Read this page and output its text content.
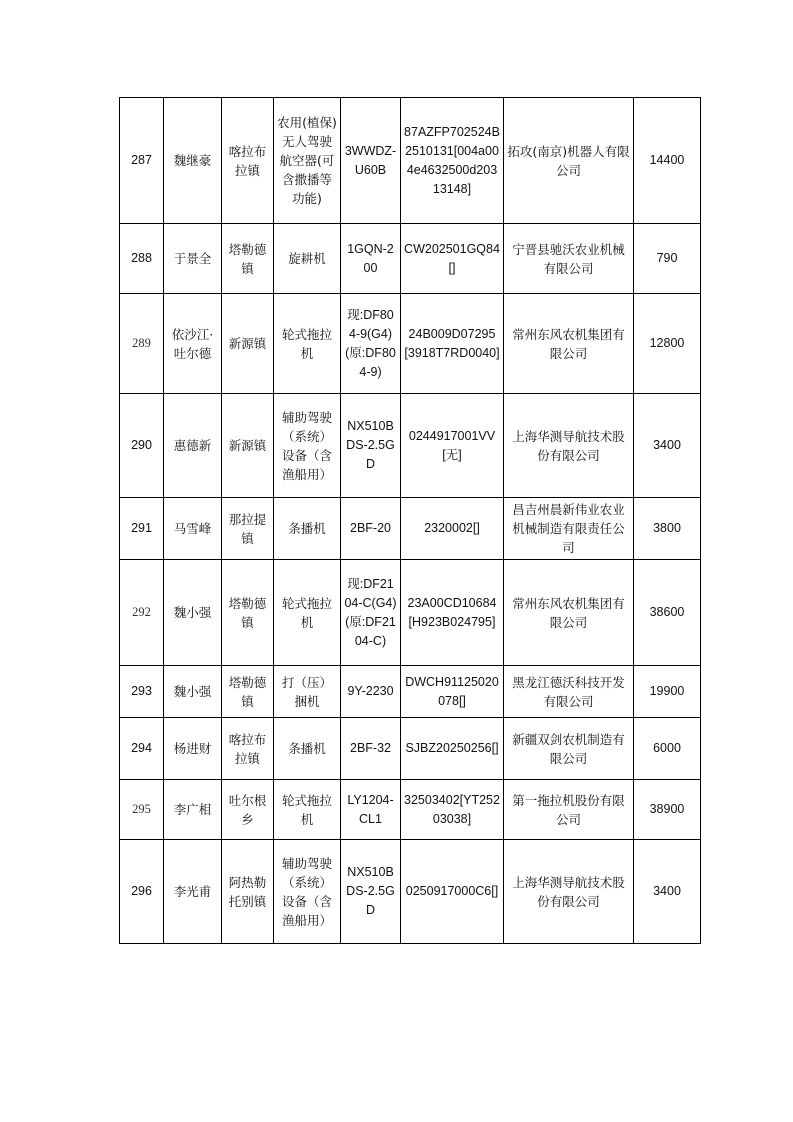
287	魏继豪	喀拉布拉镇	农用(植保)无人驾驶航空器(可含撒播等功能)	3WWDZ-U60B	87AZFP702524B2510131[004a004e4632500d20313148]	拓攻(南京)机器人有限公司	14400
288	于景全	塔勒德镇	旋耕机	1GQN-200	CW202501GQ84[]	宁晋县驰沃农业机械有限公司	790
289	依沙江·吐尔德	新源镇	轮式拖拉机	现:DF804-9(G4)(原:DF804-9)	24B009D07295[3918T7RD0040]	常州东风农机集团有限公司	12800
290	惠德新	新源镇	辅助驾驶（系统）设备（含渔船用）	NX510BDS-2.5GD	0244917001VV[无]	上海华测导航技术股份有限公司	3400
291	马雪峰	那拉提镇	条播机	2BF-20	2320002[]	昌吉州晨新伟业农业机械制造有限责任公司	3800
292	魏小强	塔勒德镇	轮式拖拉机	现:DF2104-C(G4)(原:DF2104-C)	23A00CD10684[H923B024795]	常州东风农机集团有限公司	38600
293	魏小强	塔勒德镇	打（压）捆机	9Y-2230	DWCH91125020078[]	黑龙江德沃科技开发有限公司	19900
294	杨进财	喀拉布拉镇	条播机	2BF-32	SJBZ20250256[]	新疆双剑农机制造有限公司	6000
295	李广相	吐尔根乡	轮式拖拉机	LY1204-CL1	32503402[YT25203038]	第一拖拉机股份有限公司	38900
296	李光甫	阿热勒托别镇	辅助驾驶（系统）设备（含渔船用）	NX510BDS-2.5GD	0250917000C6[]	上海华测导航技术股份有限公司	3400
